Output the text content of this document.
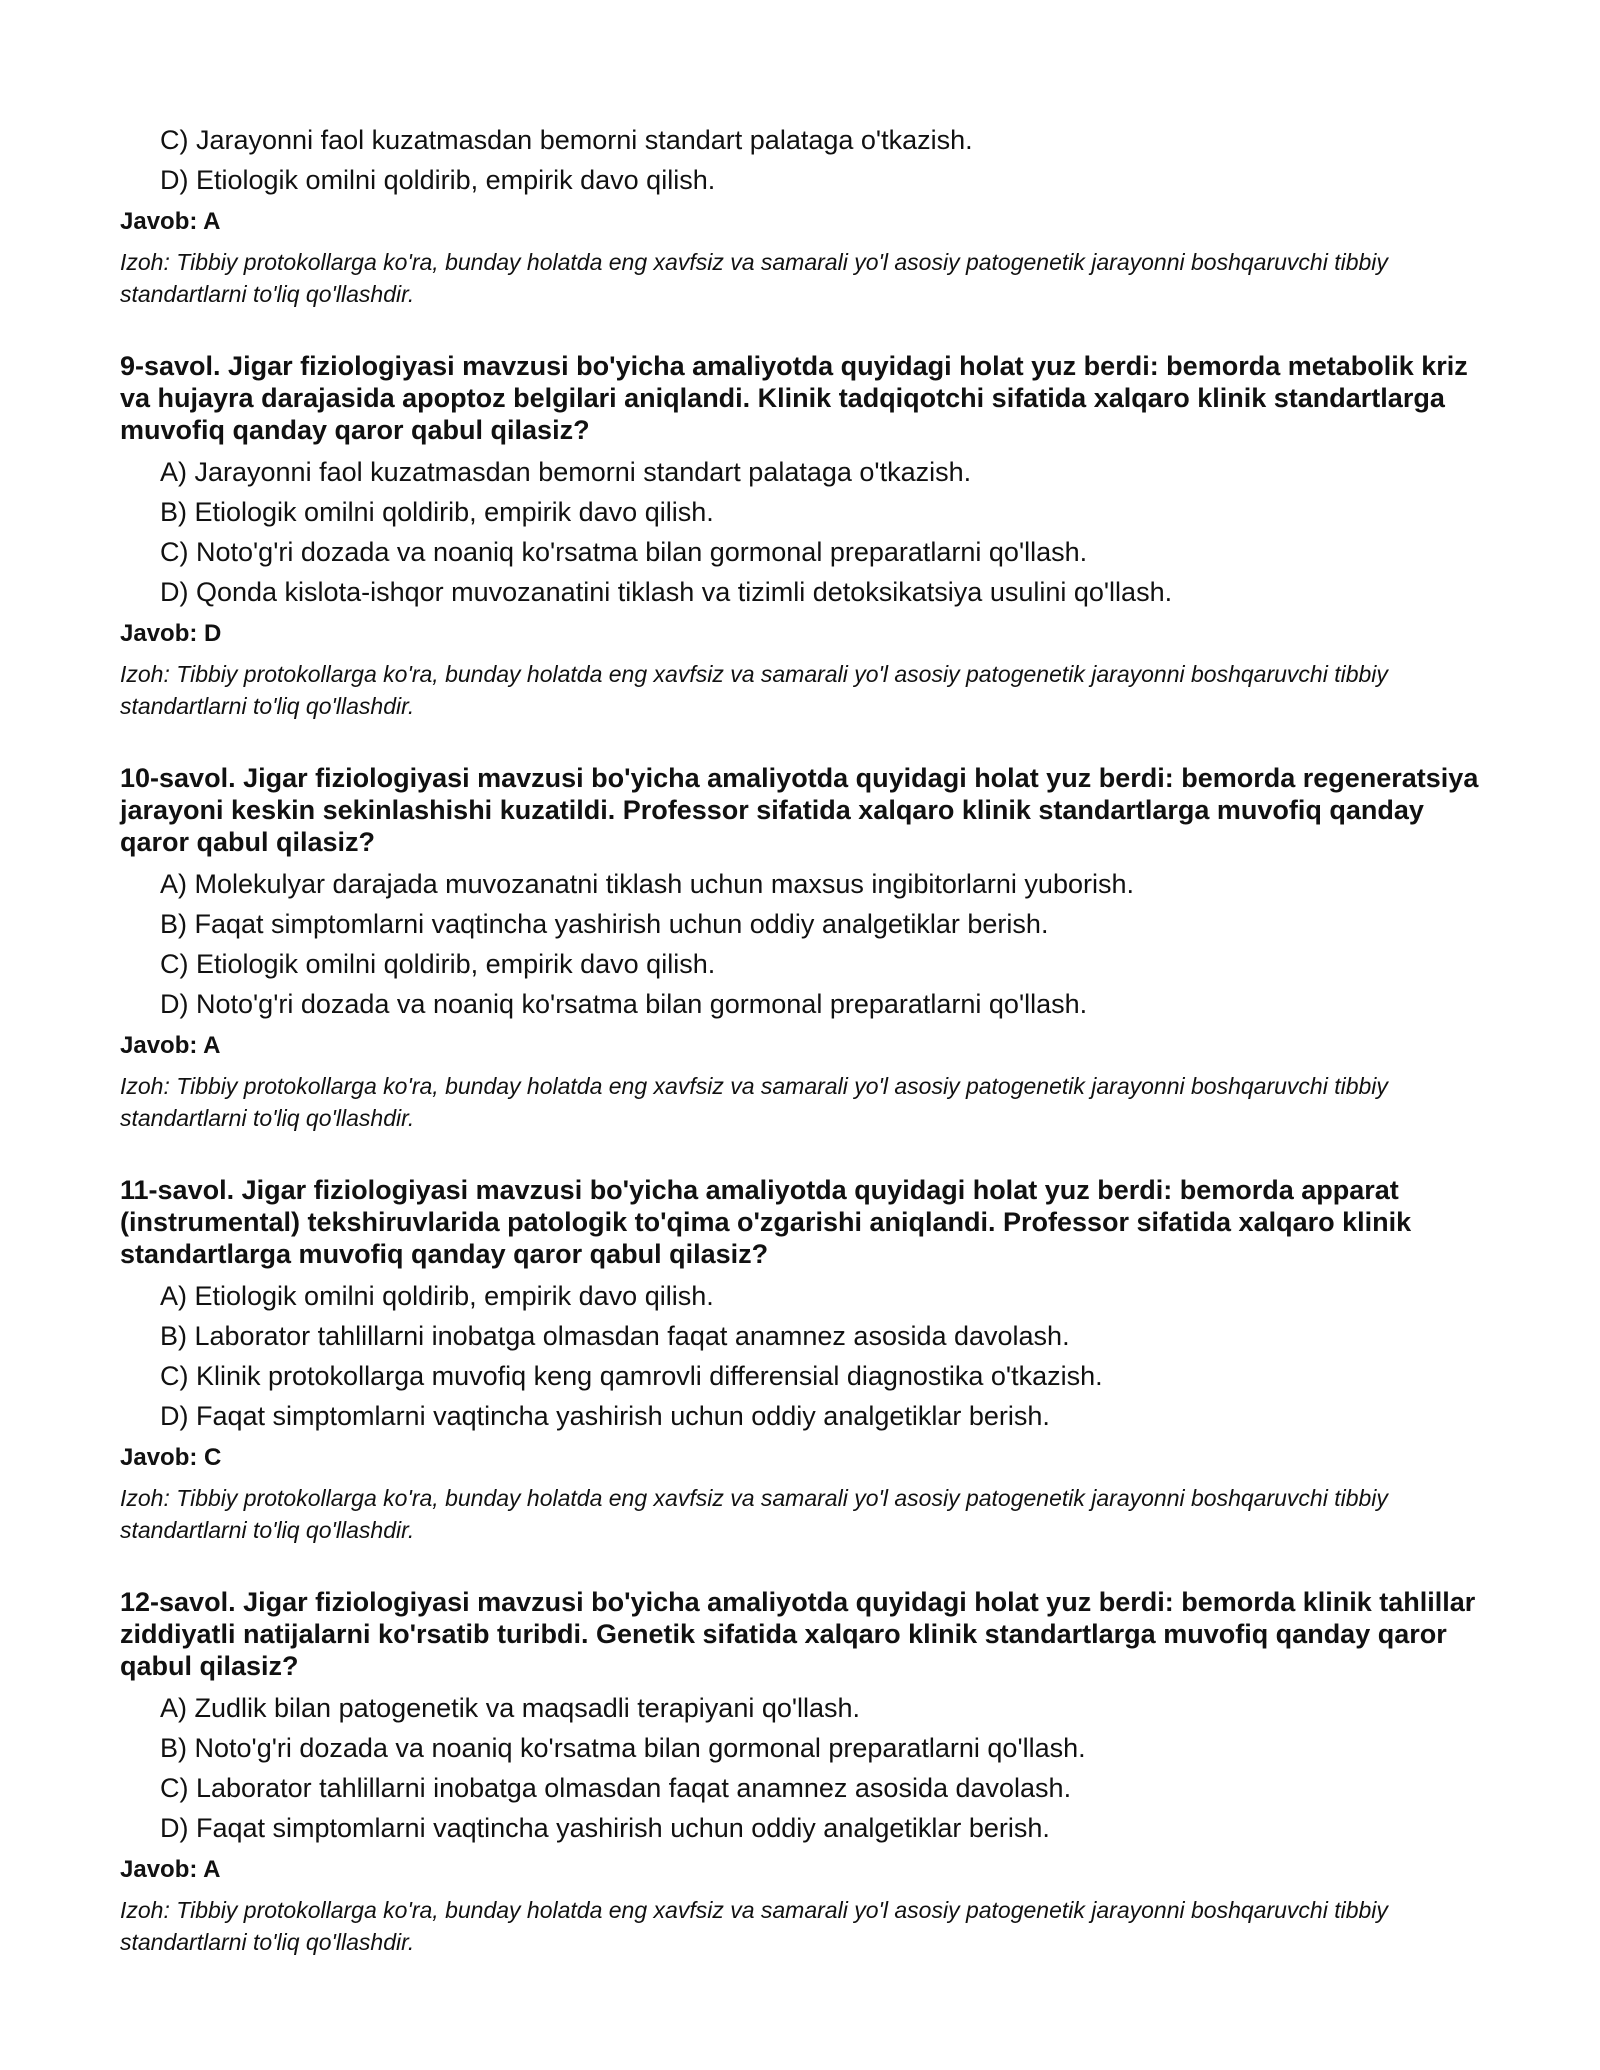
C) Jarayonni faol kuzatmasdan bemorni standart palataga o'tkazish.
D) Etiologik omilni qoldirib, empirik davo qilish.
Javob: A
Izoh: Tibbiy protokollarga ko'ra, bunday holatda eng xavfsiz va samarali yo'l asosiy patogenetik jarayonni boshqaruvchi tibbiy standartlarni to'liq qo'llashdir.

9-savol. Jigar fiziologiyasi mavzusi bo'yicha amaliyotda quyidagi holat yuz berdi: bemorda metabolik kriz va hujayra darajasida apoptoz belgilari aniqlandi. Klinik tadqiqotchi sifatida xalqaro klinik standartlarga muvofiq qanday qaror qabul qilasiz?

A) Jarayonni faol kuzatmasdan bemorni standart palataga o'tkazish.
B) Etiologik omilni qoldirib, empirik davo qilish.
C) Noto'g'ri dozada va noaniq ko'rsatma bilan gormonal preparatlarni qo'llash.
D) Qonda kislota-ishqor muvozanatini tiklash va tizimli detoksikatsiya usulini qo'llash.
Javob: D
Izoh: Tibbiy protokollarga ko'ra, bunday holatda eng xavfsiz va samarali yo'l asosiy patogenetik jarayonni boshqaruvchi tibbiy standartlarni to'liq qo'llashdir.

10-savol. Jigar fiziologiyasi mavzusi bo'yicha amaliyotda quyidagi holat yuz berdi: bemorda regeneratsiya jarayoni keskin sekinlashishi kuzatildi. Professor sifatida xalqaro klinik standartlarga muvofiq qanday qaror qabul qilasiz?

A) Molekulyar darajada muvozanatni tiklash uchun maxsus ingibitorlarni yuborish.
B) Faqat simptomlarni vaqtincha yashirish uchun oddiy analgetiklar berish.
C) Etiologik omilni qoldirib, empirik davo qilish.
D) Noto'g'ri dozada va noaniq ko'rsatma bilan gormonal preparatlarni qo'llash.
Javob: A
Izoh: Tibbiy protokollarga ko'ra, bunday holatda eng xavfsiz va samarali yo'l asosiy patogenetik jarayonni boshqaruvchi tibbiy standartlarni to'liq qo'llashdir.

11-savol. Jigar fiziologiyasi mavzusi bo'yicha amaliyotda quyidagi holat yuz berdi: bemorda apparat (instrumental) tekshiruvlarida patologik to'qima o'zgarishi aniqlandi. Professor sifatida xalqaro klinik standartlarga muvofiq qanday qaror qabul qilasiz?

A) Etiologik omilni qoldirib, empirik davo qilish.
B) Laborator tahlillarni inobatga olmasdan faqat anamnez asosida davolash.
C) Klinik protokollarga muvofiq keng qamrovli differensial diagnostika o'tkazish.
D) Faqat simptomlarni vaqtincha yashirish uchun oddiy analgetiklar berish.
Javob: C
Izoh: Tibbiy protokollarga ko'ra, bunday holatda eng xavfsiz va samarali yo'l asosiy patogenetik jarayonni boshqaruvchi tibbiy standartlarni to'liq qo'llashdir.

12-savol. Jigar fiziologiyasi mavzusi bo'yicha amaliyotda quyidagi holat yuz berdi: bemorda klinik tahlillar ziddiyatli natijalarni ko'rsatib turibdi. Genetik sifatida xalqaro klinik standartlarga muvofiq qanday qaror qabul qilasiz?

A) Zudlik bilan patogenetik va maqsadli terapiyani qo'llash.
B) Noto'g'ri dozada va noaniq ko'rsatma bilan gormonal preparatlarni qo'llash.
C) Laborator tahlillarni inobatga olmasdan faqat anamnez asosida davolash.
D) Faqat simptomlarni vaqtincha yashirish uchun oddiy analgetiklar berish.
Javob: A
Izoh: Tibbiy protokollarga ko'ra, bunday holatda eng xavfsiz va samarali yo'l asosiy patogenetik jarayonni boshqaruvchi tibbiy standartlarni to'liq qo'llashdir.
